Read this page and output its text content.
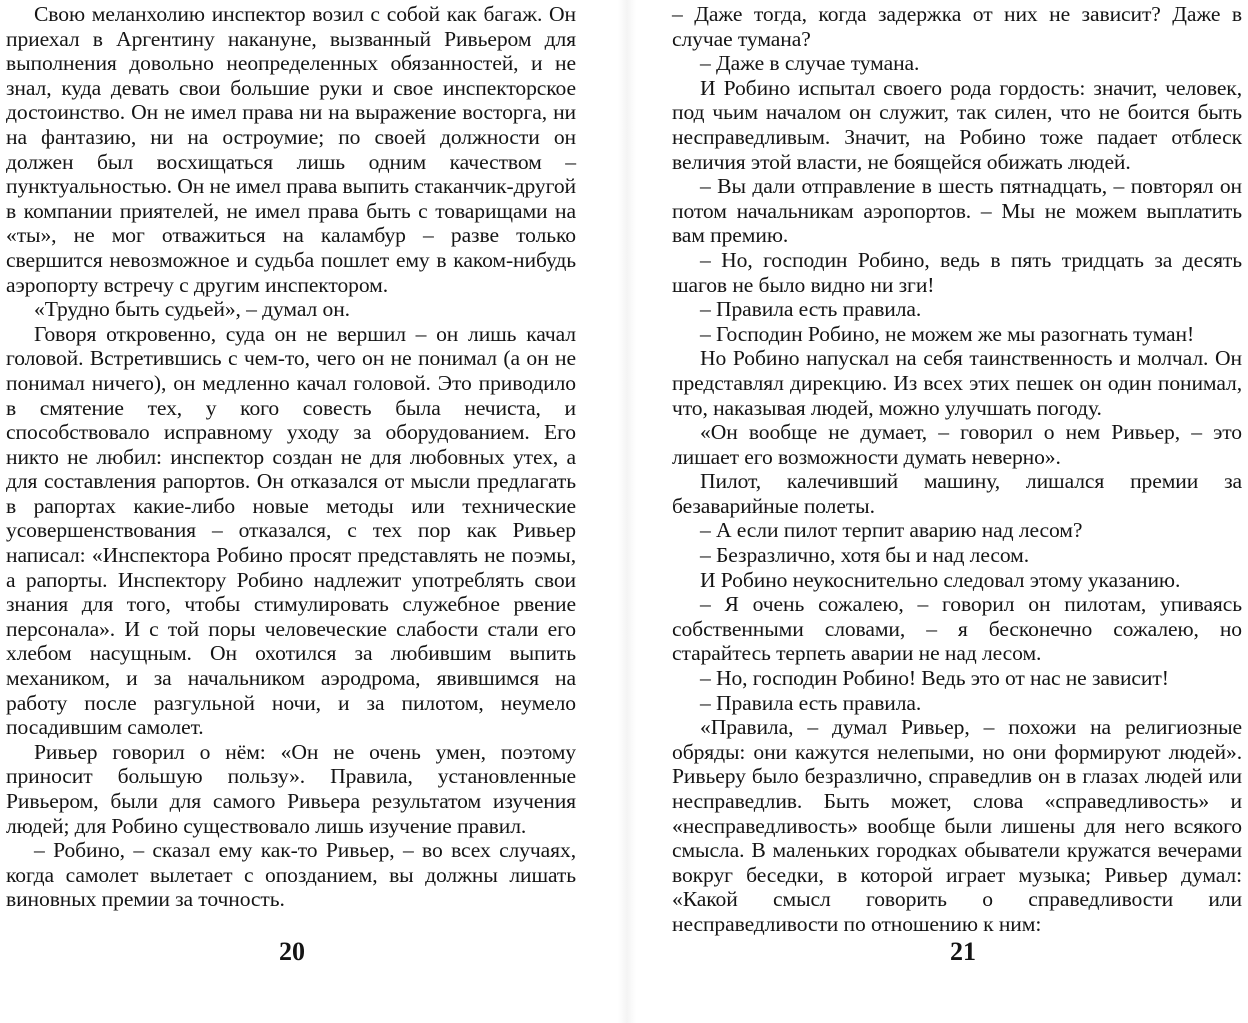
Свою меланхолию инспектор возил с собой как багаж. Он приехал в Аргентину накануне, вызванный Ривьером для выполнения довольно неопределенных обязанностей, и не знал, куда девать свои большие руки и свое инспекторское достоинство. Он не имел права ни на выражение восторга, ни на фантазию, ни на остроумие; по своей должности он должен был восхищаться лишь одним качеством – пунктуальностью. Он не имел права выпить стаканчик-другой в компании приятелей, не имел права быть с товарищами на «ты», не мог отважиться на каламбур – разве только свершится невозможное и судьба пошлет ему в каком-нибудь аэропорту встречу с другим инспектором.

«Трудно быть судьей», – думал он.

Говоря откровенно, суда он не вершил – он лишь качал головой. Встретившись с чем-то, чего он не понимал (а он не понимал ничего), он медленно качал головой. Это приводило в смятение тех, у кого совесть была нечиста, и способствовало исправному уходу за оборудованием. Его никто не любил: инспектор создан не для любовных утех, а для составления рапортов. Он отказался от мысли предлагать в рапортах какие-либо новые методы или технические усовершенствования – отказался, с тех пор как Ривьер написал: «Инспектора Робино просят представлять не поэмы, а рапорты. Инспектору Робино надлежит употреблять свои знания для того, чтобы стимулировать служебное рвение персонала». И с той поры человеческие слабости стали его хлебом насущным. Он охотился за любившим выпить механиком, и за начальником аэродрома, явившимся на работу после разгульной ночи, и за пилотом, неумело посадившим самолет.

Ривьер говорил о нём: «Он не очень умен, поэтому приносит большую пользу». Правила, установленные Ривьером, были для самого Ривьера результатом изучения людей; для Робино существовало лишь изучение правил.

– Робино, – сказал ему как-то Ривьер, – во всех случаях, когда самолет вылетает с опозданием, вы должны лишать виновных премии за точность.

20

– Даже тогда, когда задержка от них не зависит? Даже в случае тумана?

– Даже в случае тумана.

И Робино испытал своего рода гордость: значит, человек, под чьим началом он служит, так силен, что не боится быть несправедливым. Значит, на Робино тоже падает отблеск величия этой власти, не боящейся обижать людей.

– Вы дали отправление в шесть пятнадцать, – повторял он потом начальникам аэропортов. – Мы не можем выплатить вам премию.

– Но, господин Робино, ведь в пять тридцать за десять шагов не было видно ни зги!

– Правила есть правила.

– Господин Робино, не можем же мы разогнать туман!

Но Робино напускал на себя таинственность и молчал. Он представлял дирекцию. Из всех этих пешек он один понимал, что, наказывая людей, можно улучшать погоду.

«Он вообще не думает, – говорил о нем Ривьер, – это лишает его возможности думать неверно».

Пилот, калечивший машину, лишался премии за безаварийные полеты.

– А если пилот терпит аварию над лесом?

– Безразлично, хотя бы и над лесом.

И Робино неукоснительно следовал этому указанию.

– Я очень сожалею, – говорил он пилотам, упиваясь собственными словами, – я бесконечно сожалею, но старайтесь терпеть аварии не над лесом.

– Но, господин Робино! Ведь это от нас не зависит!

– Правила есть правила.

«Правила, – думал Ривьер, – похожи на религиозные обряды: они кажутся нелепыми, но они формируют людей». Ривьеру было безразлично, справедлив он в глазах людей или несправедлив. Быть может, слова «справедливость» и «несправедливость» вообще были лишены для него всякого смысла. В маленьких городках обыватели кружатся вечерами вокруг беседки, в которой играет музыка; Ривьер думал: «Какой смысл говорить о справедливости или несправедливости по отношению к ним:

21
